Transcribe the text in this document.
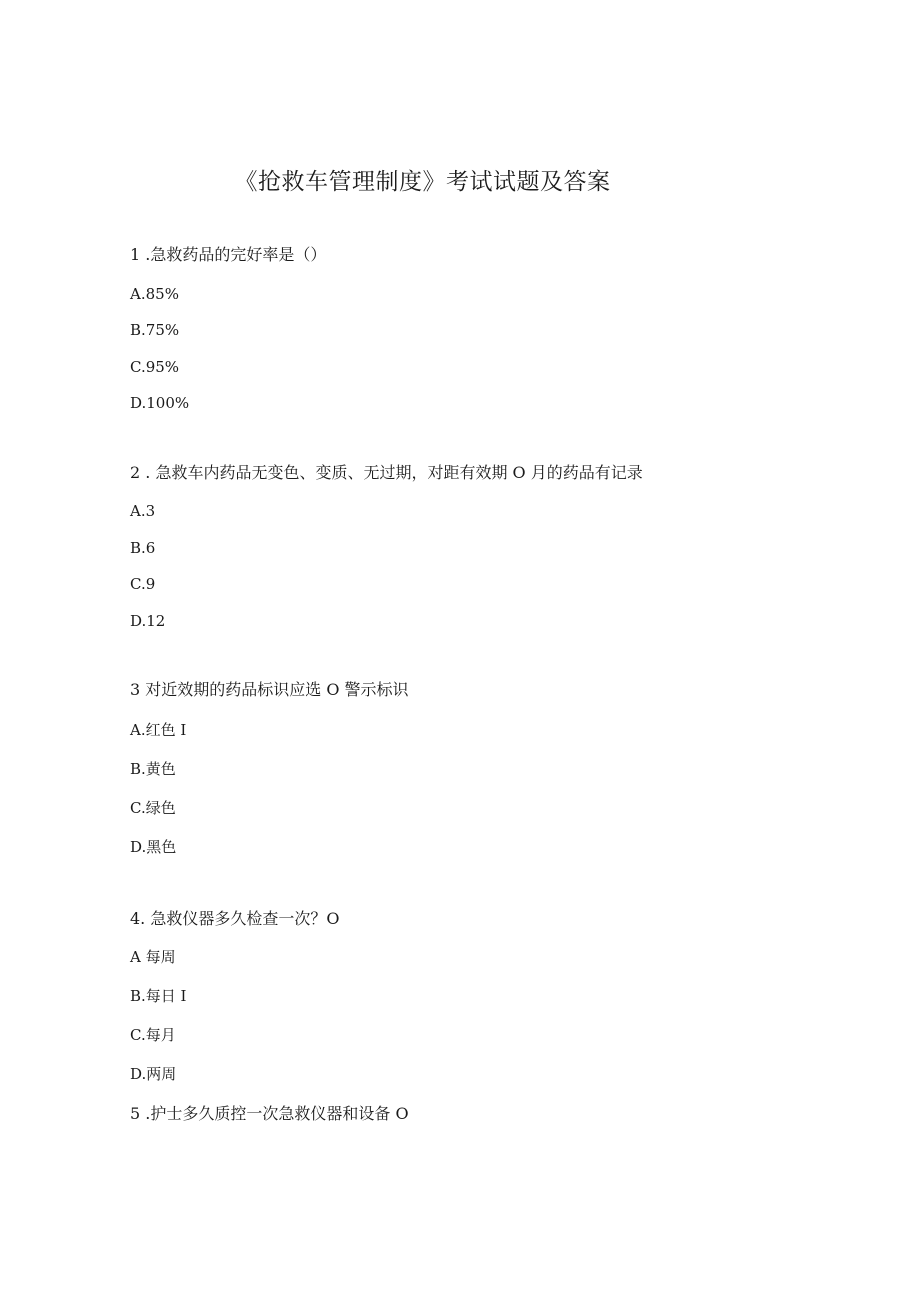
《抢救车管理制度》考试试题及答案
1 .急救药品的完好率是（）
A.85%
B.75%
C.95%
D.100%
2 . 急救车内药品无变色、变质、无过期，对距有效期 O 月的药品有记录
A.3
B.6
C.9
D.12
3 对近效期的药品标识应选 O 警示标识
A.红色 I
B.黄色
C.绿色
D.黑色
4. 急救仪器多久检查一次？O
A 每周
B.每日 I
C.每月
D.两周
5 .护士多久质控一次急救仪器和设备 O
